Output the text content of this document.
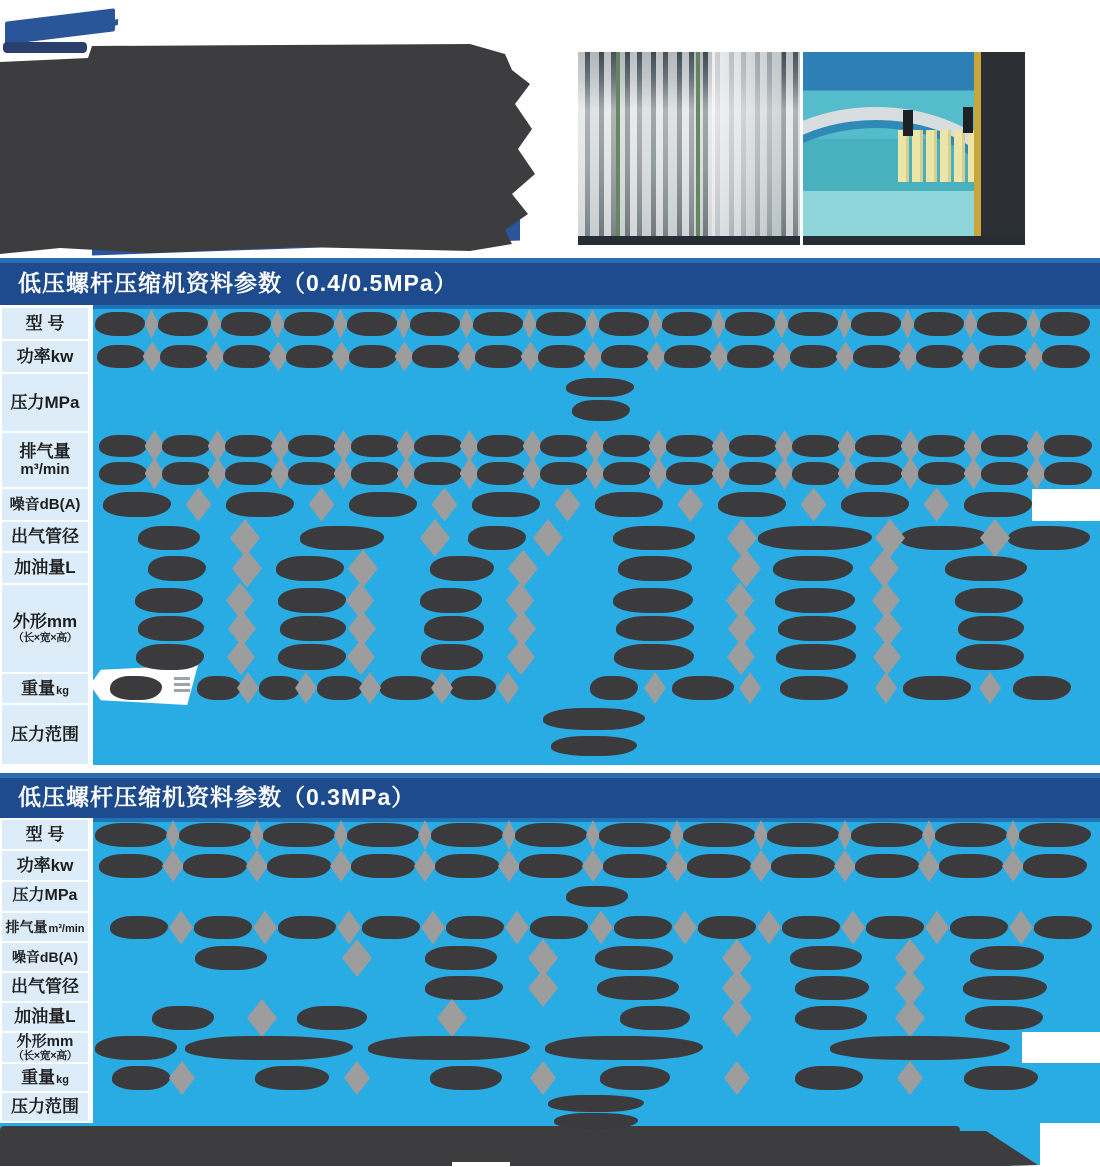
低压螺杆压缩机资料参数（0.4/0.5MPa）
型 号
功率kw
压力MPa
排气量
m³/min
噪音dB(A)
出气管径
加油量L
外形mm
（长×宽×高）
重量 kg
压力范围
低压螺杆压缩机资料参数（0.3MPa）
型 号
功率kw
压力MPa
排气量 m³/min
噪音dB(A)
出气管径
加油量L
外形mm
（长×宽×高）
重量 kg
压力范围
